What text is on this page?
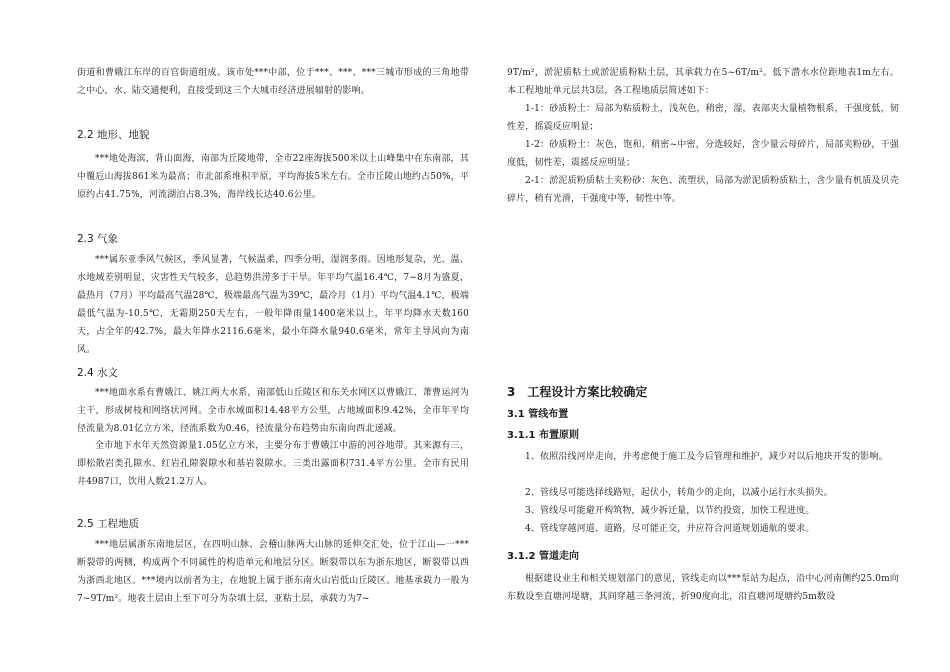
街道和曹娥江东岸的百官街道组成。该市处***中部，位于***、***、***三城市形成的三角地带之中心，水、陆交通便利，直接受到这三个大城市经济进展辐射的影响。

2.2 地形、地貌

***地处海滨，背山面海，南部为丘陵地带，全市22座海拔500米以上山峰集中在东南部，其中覆卮山海拔861米为最高；市北部系堆积平原，平均海拔5米左右。全市丘陵山地约占50%，平原约占41.75%，河流湖泊占8.3%，海岸线长达40.6公里。

2.3 气象

***属东亚季风气候区，季风显著，气候温柔，四季分明，湿润多雨。因地形复杂，光、温、水地域差别明显，灾害性天气较多，总趋势洪涝多于干旱。年平均气温16.4℃，7~8月为盛夏，最热月（7月）平均最高气温28℃，极端最高气温为39℃，最冷月（1月）平均气温4.1℃，极端最低气温为-10.5℃，无霜期250天左右，一般年降雨量1400毫米以上，年平均降水天数160天，占全年的42.7%，最大年降水2116.6毫米，最小年降水量940.6毫米，常年主导风向为南风。

2.4 水文

***地面水系有曹娥江、姚江两大水系，南部低山丘陵区和东关水网区以曹娥江、萧曹运河为主干，形成树枝和网络状河网。全市水域面积14.48平方公里，占地域面积9.42%，全市年平均径流量为8.01亿立方米，径流系数为0.46，径流量分布趋势由东南向西北递减。

全市地下水年天然资源量1.05亿立方米，主要分布于曹娥江中游的河谷地带。其来源有三，即松散岩类孔隙水、红岩孔隙裂隙水和基岩裂隙水。三类出露面积731.4平方公里。全市有民用井4987口，饮用人数21.2万人。

2.5 工程地质

***地层属浙东南地层区，在四明山脉、会稽山脉两大山脉的延伸交汇处，位于江山—一***断裂带的两侧，构成两个不同属性的构造单元和地层分区。断裂带以东为浙东地区，断裂带以西为浙西北地区。***境内以前者为主，在地貌上属于浙东南火山岩低山丘陵区。地基承载力一般为7~9T/m²。地表土层由上至下可分为杂填土层，亚粘土层，承载力为7~

9T/m²，淤泥质粘土或淤泥质粉粘土层，其承载力在5~6T/m²。低下潜水水位距地表1m左右。本工程地址单元层共3层，各工程地质层简述如下：

1-1：砂质粉土：局部为粘质粉土，浅灰色，稍密，湿，表部夹大量植物根系，干强度低，韧性差，摇震反应明显；

1-2：砂质粉土：灰色，饱和，稍密~中密，分选较好，含少量云母碎片，局部夹粉砂，干强度低，韧性差，震摇反应明显；

2-1：淤泥质粉质粘土夹粉砂：灰色、流塑状，局部为淤泥质粉质粘土，含少量有机质及贝壳碎片，稍有光滑，干强度中等，韧性中等。

3　工程设计方案比较确定
3.1 管线布置
3.1.1 布置原则

1、依照沿线河岸走向，并考虑便于施工及今后管理和维护，减少对以后地块开发的影响。

2、管线尽可能选择线路短，起伏小，转角少的走向，以减小运行水头损失。

3、管线尽可能避开构筑物，减少拆迁量，以节约投资，加快工程进度。

4、管线穿越河道、道路，尽可能正交，并应符合河道规划通航的要求。

3.1.2 管道走向

根据建设业主和相关规划部门的意见，管线走向以***泵站为起点，沿中心河南侧约25.0m向东数设至直塘河堤塘，其间穿越三条河流，折90度向北，沿直塘河堤塘约5m数设
